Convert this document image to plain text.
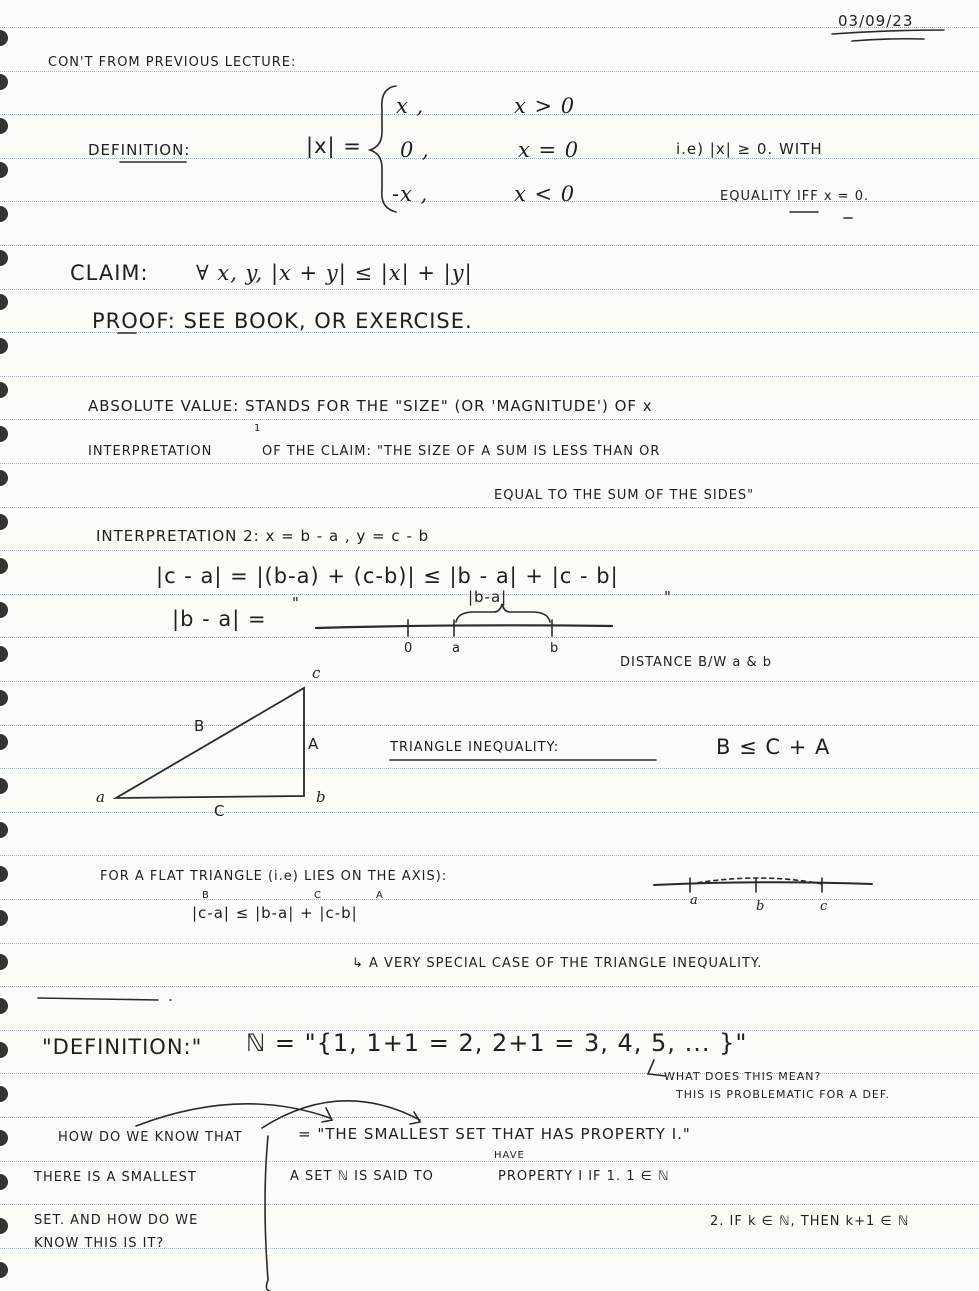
03/09/23
CON'T FROM PREVIOUS LECTURE:
DEFINITION:	|x| =
x ,	x > 0
0 ,	x = 0
-x ,	x < 0
i.e) |x| ≥ 0. WITH
EQUALITY IFF x = 0.
CLAIM: ∀ x, y, |x + y| ≤ |x| + |y|
PROOF: SEE BOOK, OR EXERCISE.
ABSOLUTE VALUE: STANDS FOR THE "SIZE" (OR 'MAGNITUDE') OF x
INTERPRETATION
1
OF THE CLAIM: "THE SIZE OF A SUM IS LESS THAN OR
EQUAL TO THE SUM OF THE SIDES"
INTERPRETATION 2: x = b - a , y = c - b
|c - a| = |(b-a) + (c-b)| ≤ |b - a| + |c - b|
|b - a| =
"	"
|b-a|
0	a	b
DISTANCE B/W a & b
a	b
c
B
A
C
TRIANGLE INEQUALITY:	B ≤ C + A
FOR A FLAT TRIANGLE (i.e) LIES ON THE AXIS):
B	C	A
|c-a| ≤ |b-a| + |c-b|
a	b	c
↳ A VERY SPECIAL CASE OF THE TRIANGLE INEQUALITY.
"DEFINITION:" ℕ = "{1, 1+1 = 2, 2+1 = 3, 4, 5, ... }"
WHAT DOES THIS MEAN?
THIS IS PROBLEMATIC FOR A DEF.
HOW DO WE KNOW THAT
THERE IS A SMALLEST
SET. AND HOW DO WE
KNOW THIS IS IT?
= "THE SMALLEST SET THAT HAS PROPERTY I."
A SET ℕ IS SAID TO
HAVE
PROPERTY I IF 1. 1 ∈ ℕ
2. IF k ∈ ℕ, THEN k+1 ∈ ℕ
